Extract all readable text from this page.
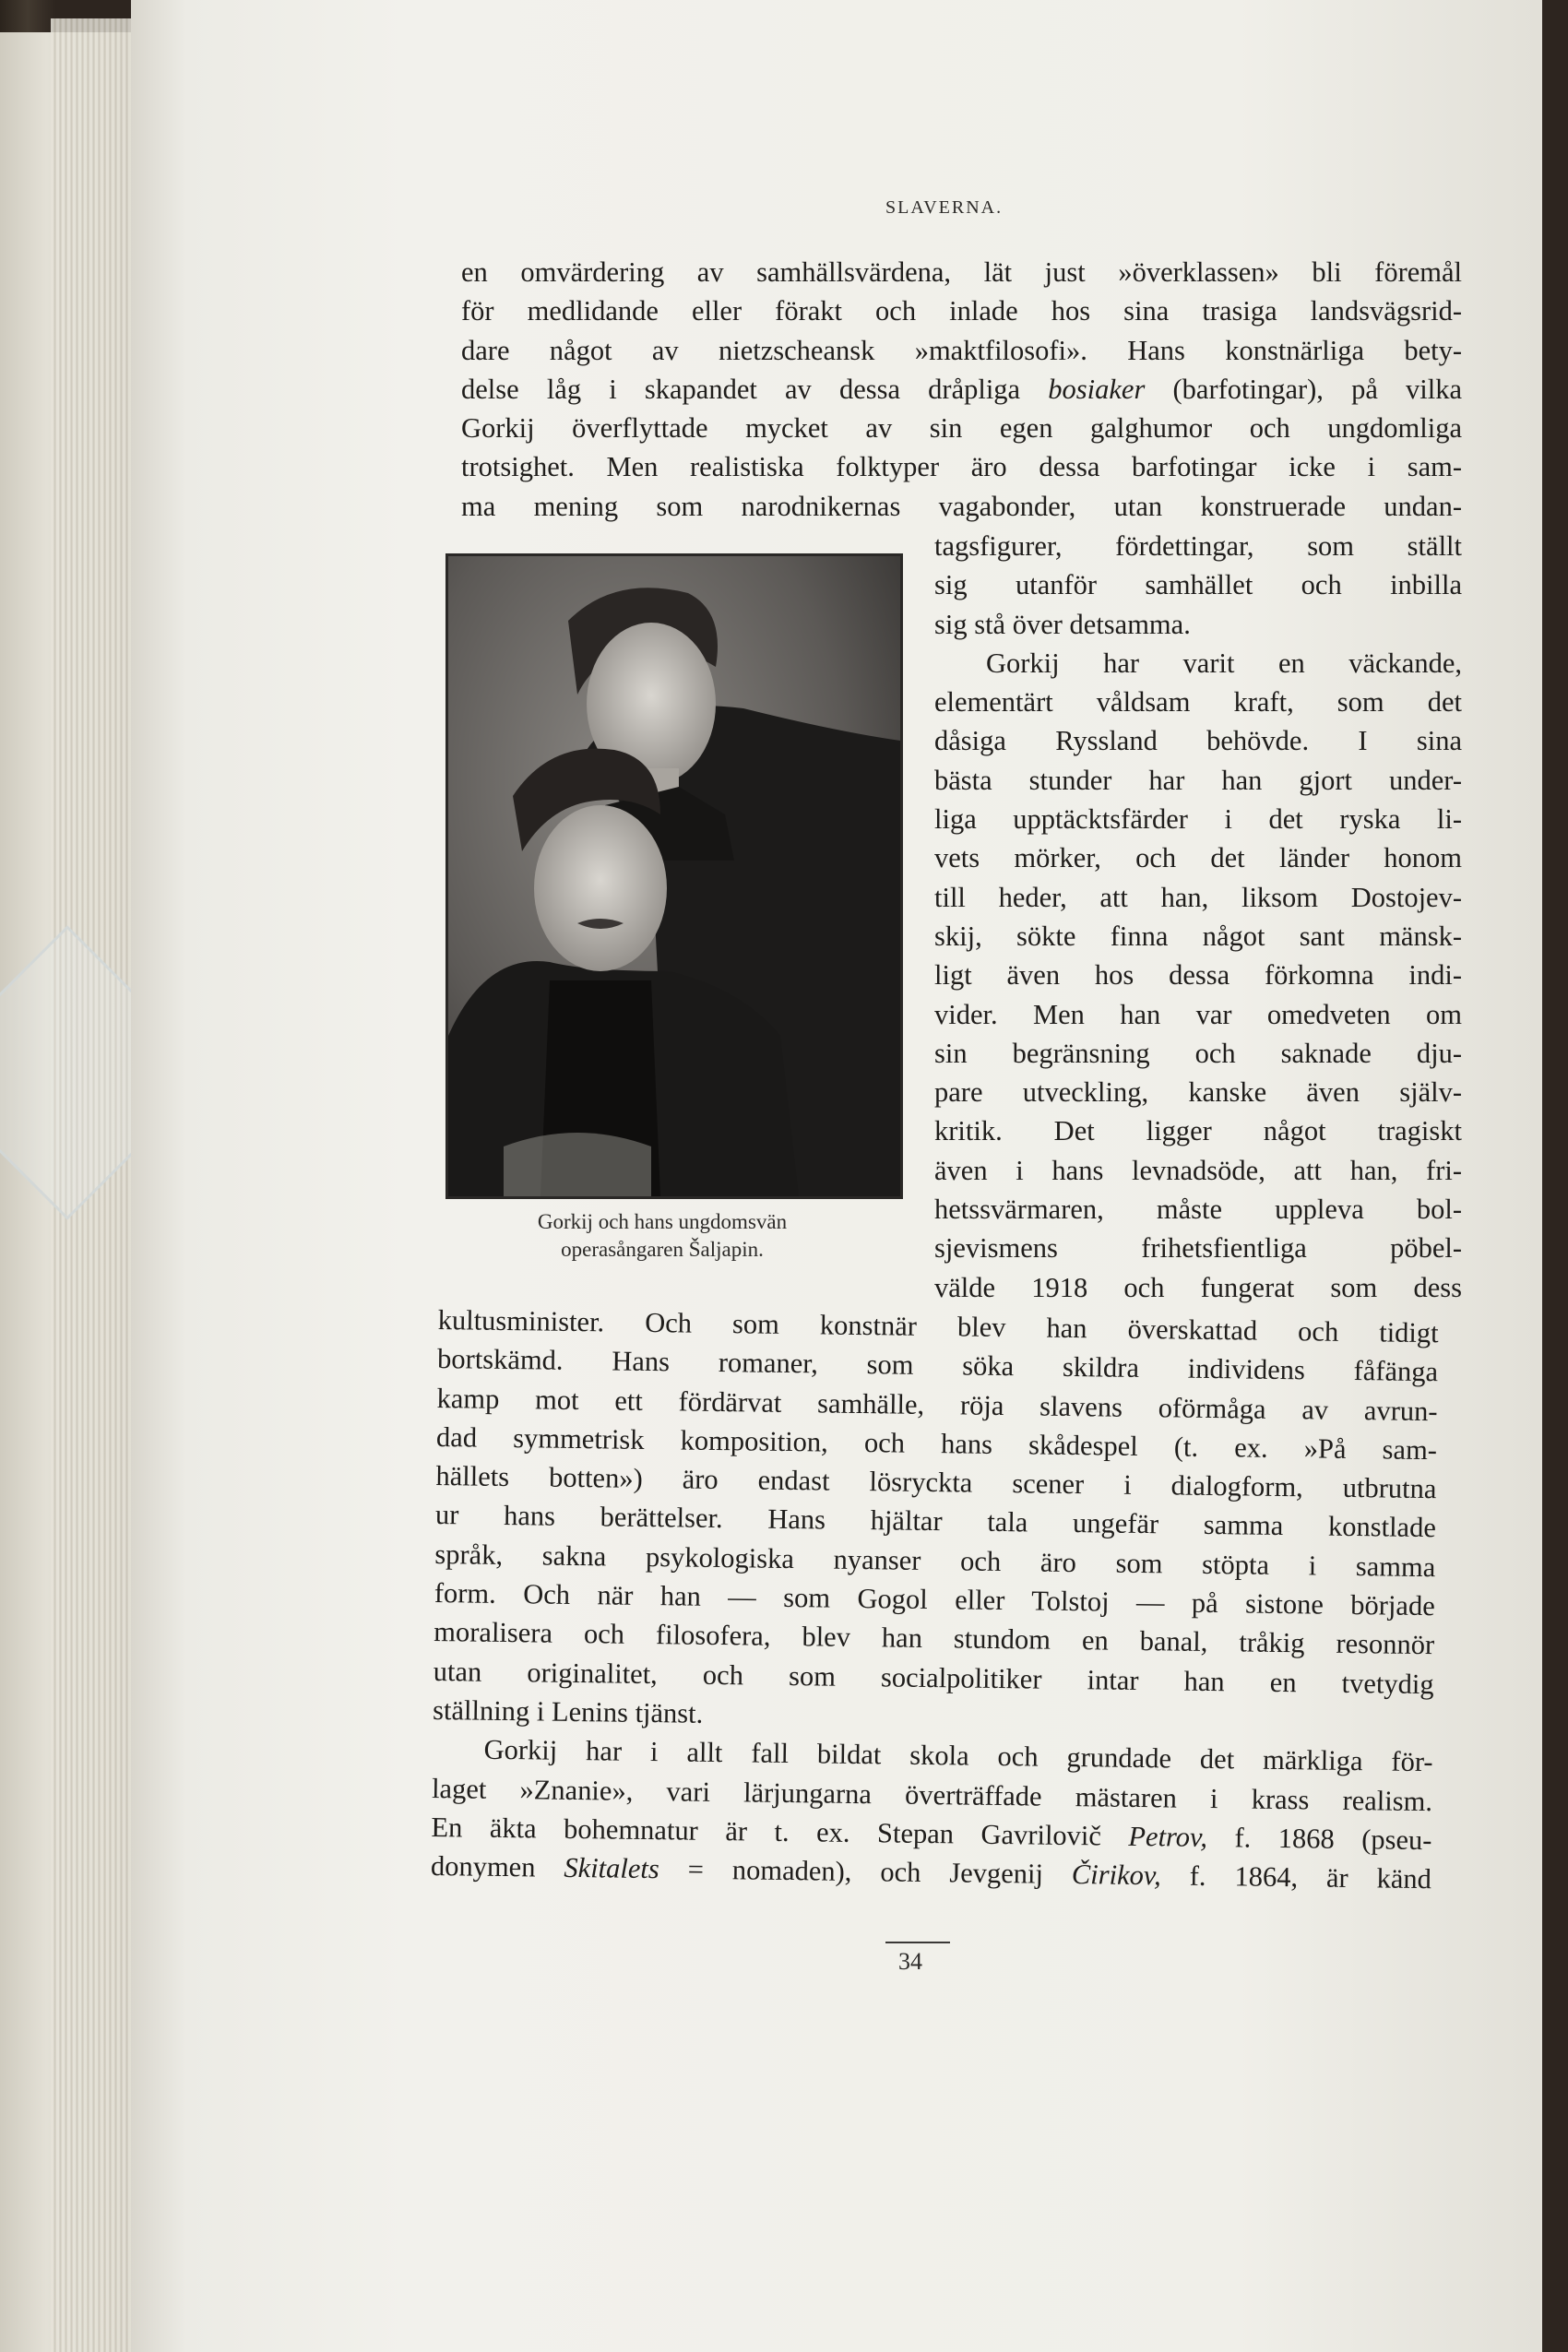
SLAVERNA.
en omvärdering av samhällsvärdena, lät just »överklassen» bli föremål
för medlidande eller förakt och inlade hos sina trasiga landsvägsrid-
dare något av nietzscheansk »maktfilosofi». Hans konstnärliga bety-
delse låg i skapandet av dessa dråpliga bosiaker (barfotingar), på vilka
Gorkij överflyttade mycket av sin egen galghumor och ungdomliga
trotsighet. Men realistiska folktyper äro dessa barfotingar icke i sam-
ma mening som narodnikernas vagabonder, utan konstruerade undan-
Gorkij och hans ungdomsvän
operasångaren Šaljapin.
tagsfigurer, fördettingar, som ställt
sig utanför samhället och inbilla
sig stå över detsamma.
Gorkij har varit en väckande,
elementärt våldsam kraft, som det
dåsiga Ryssland behövde. I sina
bästa stunder har han gjort under-
liga upptäcktsfärder i det ryska li-
vets mörker, och det länder honom
till heder, att han, liksom Dostojev-
skij, sökte finna något sant mänsk-
ligt även hos dessa förkomna indi-
vider. Men han var omedveten om
sin begränsning och saknade dju-
pare utveckling, kanske även själv-
kritik. Det ligger något tragiskt
även i hans levnadsöde, att han, fri-
hetssvärmaren, måste uppleva bol-
sjevismens frihetsfientliga pöbel-
välde 1918 och fungerat som dess
kultusminister. Och som konstnär blev han överskattad och tidigt
bortskämd. Hans romaner, som söka skildra individens fåfänga
kamp mot ett fördärvat samhälle, röja slavens oförmåga av avrun-
dad symmetrisk komposition, och hans skådespel (t. ex. »På sam-
hällets botten») äro endast lösryckta scener i dialogform, utbrutna
ur hans berättelser. Hans hjältar tala ungefär samma konstlade
språk, sakna psykologiska nyanser och äro som stöpta i samma
form. Och när han — som Gogol eller Tolstoj — på sistone började
moralisera och filosofera, blev han stundom en banal, tråkig resonnör
utan originalitet, och som socialpolitiker intar han en tvetydig
ställning i Lenins tjänst.
Gorkij har i allt fall bildat skola och grundade det märkliga för-
laget »Znanie», vari lärjungarna överträffade mästaren i krass realism.
En äkta bohemnatur är t. ex. Stepan Gavrilovič Petrov, f. 1868 (pseu-
donymen Skitalets = nomaden), och Jevgenij Čirikov, f. 1864, är känd
34
